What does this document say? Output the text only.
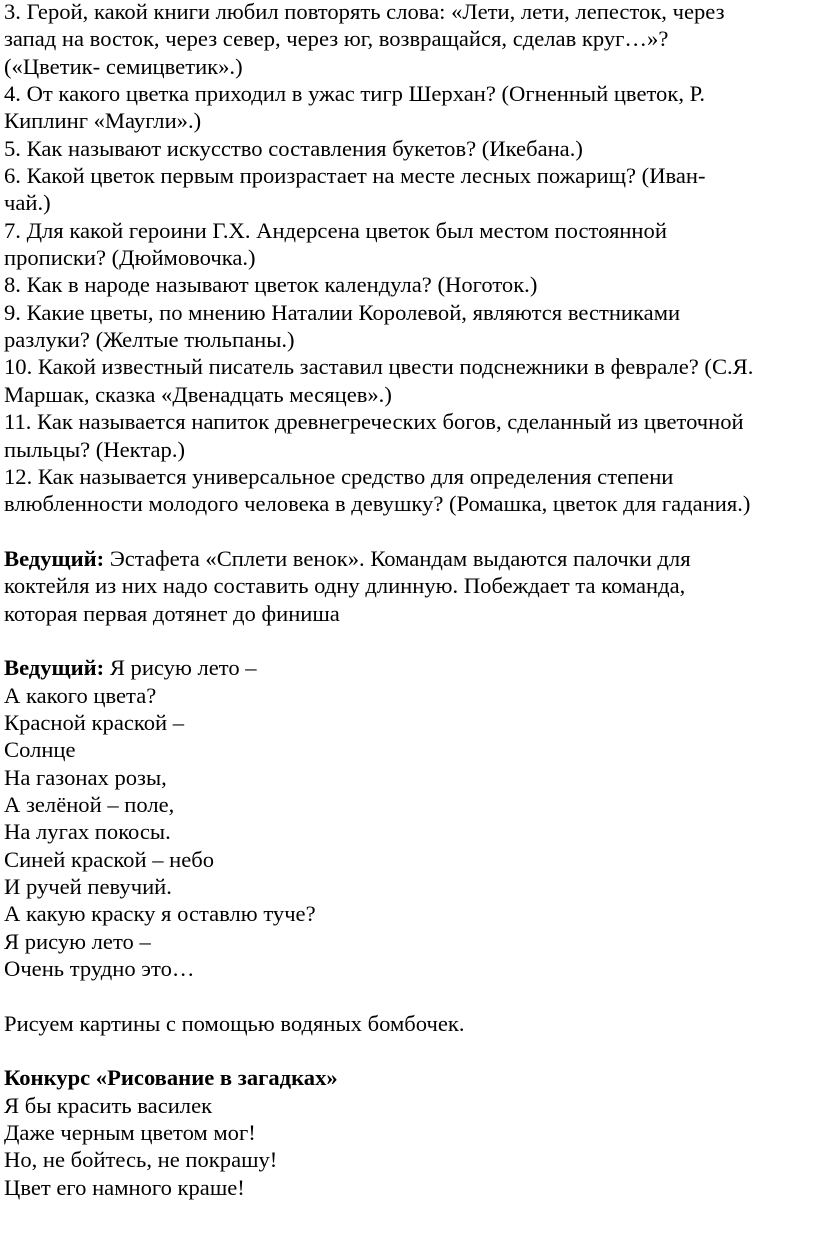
3. Герой, какой книги любил повторять слова: «Лети, лети, лепесток, через
запад на восток, через север, через юг, возвращайся, сделав круг…»?
(«Цветик- семицветик».)
4. От какого цветка приходил в ужас тигр Шерхан? (Огненный цветок, Р.
Киплинг «Маугли».)
5. Как называют искусство составления букетов? (Икебана.)
6. Какой цветок первым произрастает на месте лесных пожарищ? (Иван-
чай.)
7. Для какой героини Г.Х. Андерсена цветок был местом постоянной
прописки? (Дюймовочка.)
8. Как в народе называют цветок календула? (Ноготок.)
9. Какие цветы, по мнению Наталии Королевой, являются вестниками
разлуки? (Желтые тюльпаны.)
10. Какой известный писатель заставил цвести подснежники в феврале? (С.Я.
Маршак, сказка «Двенадцать месяцев».)
11. Как называется напиток древнегреческих богов, сделанный из цветочной
пыльцы? (Нектар.)
12. Как называется универсальное средство для определения степени
влюбленности молодого человека в девушку? (Ромашка, цветок для гадания.)
Ведущий: Эстафета «Сплети венок». Командам выдаются палочки для
коктейля из них надо составить одну длинную. Побеждает та команда,
которая первая дотянет до финиша
Ведущий: Я рисую лето –
А какого цвета?
Красной краской –
Солнце
На газонах розы,
А зелёной – поле,
На лугах покосы.
Синей краской – небо
И ручей певучий.
А какую краску я оставлю туче?
Я рисую лето –
Очень трудно это…
Рисуем картины с помощью водяных бомбочек.
Конкурс «Рисование в загадках»
Я бы красить василек
Даже черным цветом мог!
Но, не бойтесь, не покрашу!
Цвет его намного краше!
